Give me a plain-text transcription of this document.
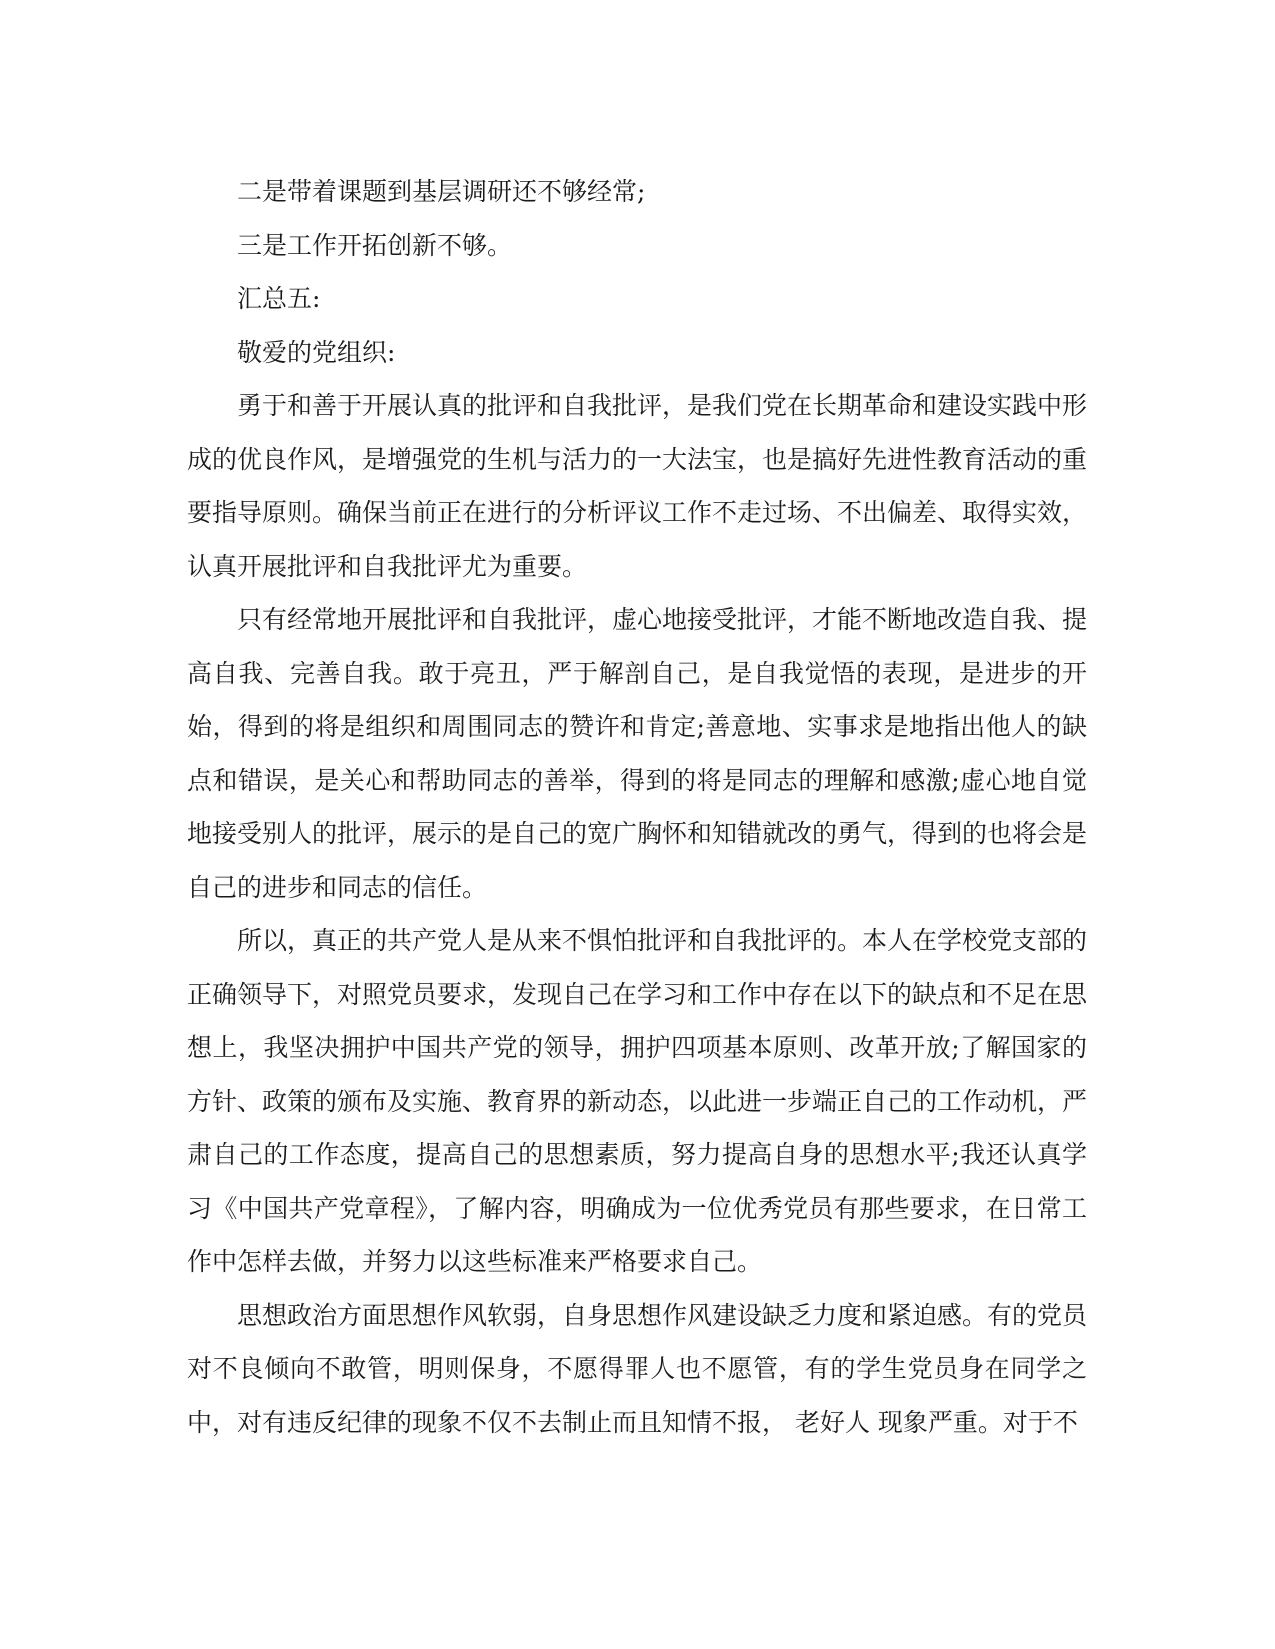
二是带着课题到基层调研还不够经常;

三是工作开拓创新不够。

汇总五:

敬爱的党组织:

勇于和善于开展认真的批评和自我批评，是我们党在长期革命和建设实践中形成的优良作风，是增强党的生机与活力的一大法宝，也是搞好先进性教育活动的重要指导原则。确保当前正在进行的分析评议工作不走过场、不出偏差、取得实效，认真开展批评和自我批评尤为重要。

只有经常地开展批评和自我批评，虚心地接受批评，才能不断地改造自我、提高自我、完善自我。敢于亮丑，严于解剖自己，是自我觉悟的表现，是进步的开始，得到的将是组织和周围同志的赞许和肯定;善意地、实事求是地指出他人的缺点和错误，是关心和帮助同志的善举，得到的将是同志的理解和感激;虚心地自觉地接受别人的批评，展示的是自己的宽广胸怀和知错就改的勇气，得到的也将会是自己的进步和同志的信任。

所以，真正的共产党人是从来不惧怕批评和自我批评的。本人在学校党支部的正确领导下，对照党员要求，发现自己在学习和工作中存在以下的缺点和不足在思想上，我坚决拥护中国共产党的领导，拥护四项基本原则、改革开放;了解国家的方针、政策的颁布及实施、教育界的新动态，以此进一步端正自己的工作动机，严肃自己的工作态度，提高自己的思想素质，努力提高自身的思想水平;我还认真学习《中国共产党章程》，了解内容，明确成为一位优秀党员有那些要求，在日常工作中怎样去做，并努力以这些标准来严格要求自己。

思想政治方面思想作风软弱，自身思想作风建设缺乏力度和紧迫感。有的党员对不良倾向不敢管，明则保身，不愿得罪人也不愿管，有的学生党员身在同学之中，对有违反纪律的现象不仅不去制止而且知情不报， 老好人 现象严重。对于不
